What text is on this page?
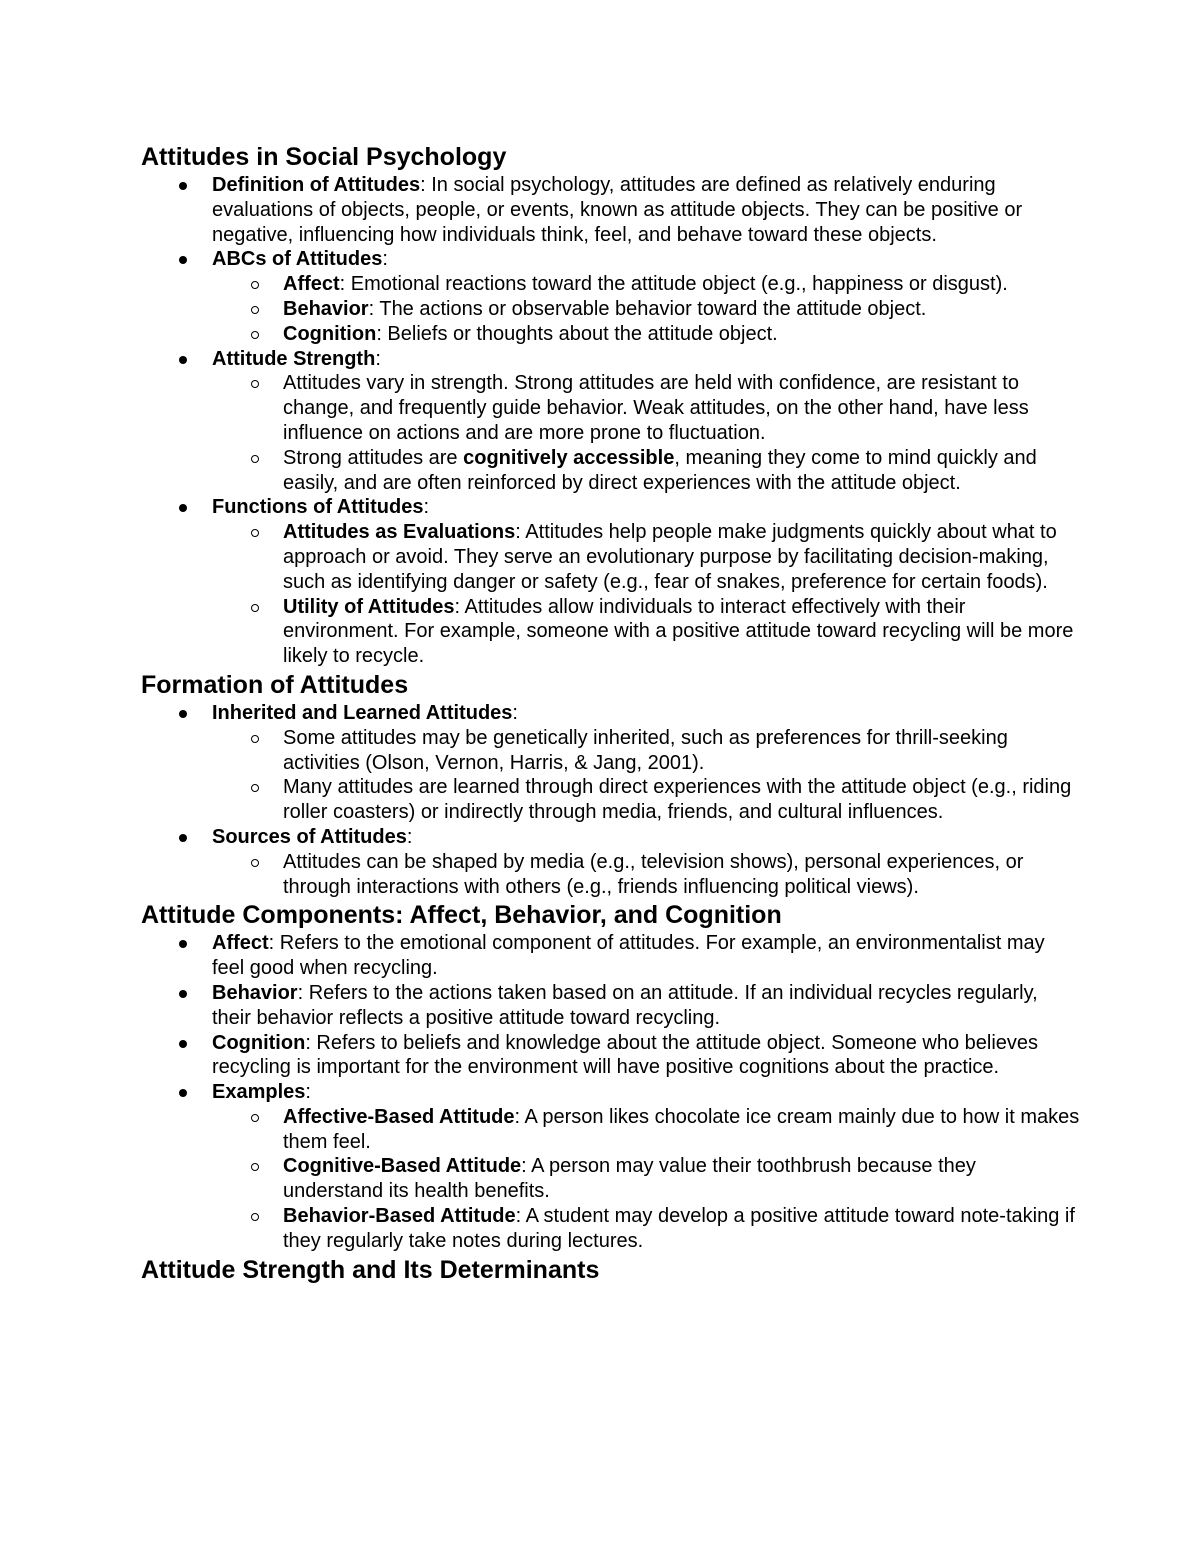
Attitudes in Social Psychology
Definition of Attitudes: In social psychology, attitudes are defined as relatively enduring evaluations of objects, people, or events, known as attitude objects. They can be positive or negative, influencing how individuals think, feel, and behave toward these objects.
ABCs of Attitudes:
Affect: Emotional reactions toward the attitude object (e.g., happiness or disgust).
Behavior: The actions or observable behavior toward the attitude object.
Cognition: Beliefs or thoughts about the attitude object.
Attitude Strength:
Attitudes vary in strength. Strong attitudes are held with confidence, are resistant to change, and frequently guide behavior. Weak attitudes, on the other hand, have less influence on actions and are more prone to fluctuation.
Strong attitudes are cognitively accessible, meaning they come to mind quickly and easily, and are often reinforced by direct experiences with the attitude object.
Functions of Attitudes:
Attitudes as Evaluations: Attitudes help people make judgments quickly about what to approach or avoid. They serve an evolutionary purpose by facilitating decision-making, such as identifying danger or safety (e.g., fear of snakes, preference for certain foods).
Utility of Attitudes: Attitudes allow individuals to interact effectively with their environment. For example, someone with a positive attitude toward recycling will be more likely to recycle.
Formation of Attitudes
Inherited and Learned Attitudes:
Some attitudes may be genetically inherited, such as preferences for thrill-seeking activities (Olson, Vernon, Harris, & Jang, 2001).
Many attitudes are learned through direct experiences with the attitude object (e.g., riding roller coasters) or indirectly through media, friends, and cultural influences.
Sources of Attitudes:
Attitudes can be shaped by media (e.g., television shows), personal experiences, or through interactions with others (e.g., friends influencing political views).
Attitude Components: Affect, Behavior, and Cognition
Affect: Refers to the emotional component of attitudes. For example, an environmentalist may feel good when recycling.
Behavior: Refers to the actions taken based on an attitude. If an individual recycles regularly, their behavior reflects a positive attitude toward recycling.
Cognition: Refers to beliefs and knowledge about the attitude object. Someone who believes recycling is important for the environment will have positive cognitions about the practice.
Examples:
Affective-Based Attitude: A person likes chocolate ice cream mainly due to how it makes them feel.
Cognitive-Based Attitude: A person may value their toothbrush because they understand its health benefits.
Behavior-Based Attitude: A student may develop a positive attitude toward note-taking if they regularly take notes during lectures.
Attitude Strength and Its Determinants
